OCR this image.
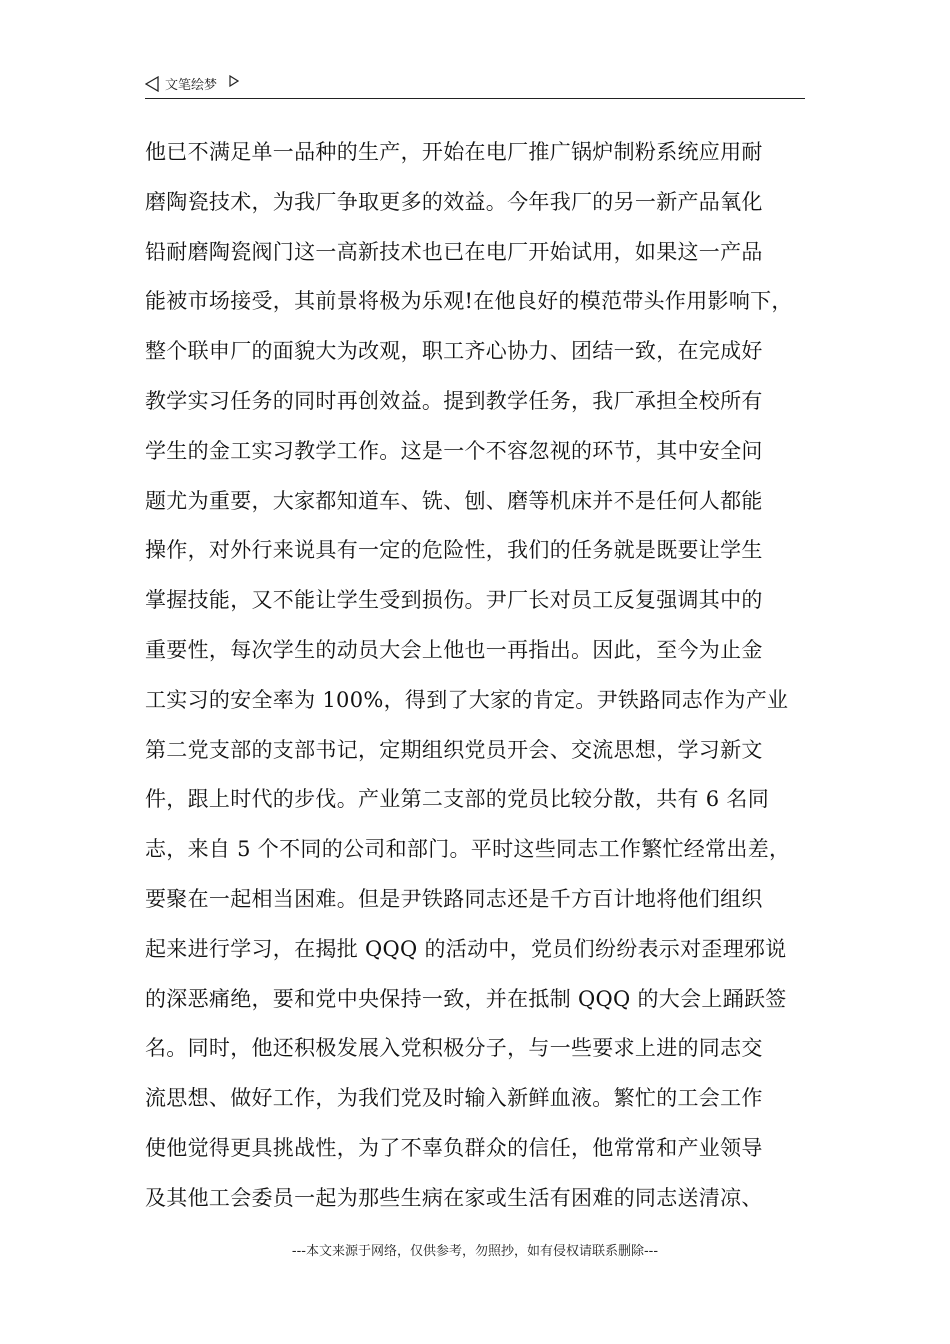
文笔绘梦
他已不满足单一品种的生产，开始在电厂推广锅炉制粉系统应用耐
磨陶瓷技术，为我厂争取更多的效益。今年我厂的另一新产品氧化
铅耐磨陶瓷阀门这一高新技术也已在电厂开始试用，如果这一产品
能被市场接受，其前景将极为乐观!在他良好的模范带头作用影响下，
整个联申厂的面貌大为改观，职工齐心协力、团结一致，在完成好
教学实习任务的同时再创效益。提到教学任务，我厂承担全校所有
学生的金工实习教学工作。这是一个不容忽视的环节，其中安全问
题尤为重要，大家都知道车、铣、刨、磨等机床并不是任何人都能
操作，对外行来说具有一定的危险性，我们的任务就是既要让学生
掌握技能，又不能让学生受到损伤。尹厂长对员工反复强调其中的
重要性，每次学生的动员大会上他也一再指出。因此，至今为止金
工实习的安全率为 100%，得到了大家的肯定。尹铁路同志作为产业
第二党支部的支部书记，定期组织党员开会、交流思想，学习新文
件，跟上时代的步伐。产业第二支部的党员比较分散，共有 6 名同
志，来自 5 个不同的公司和部门。平时这些同志工作繁忙经常出差，
要聚在一起相当困难。但是尹铁路同志还是千方百计地将他们组织
起来进行学习，在揭批 QQQ 的活动中，党员们纷纷表示对歪理邪说
的深恶痛绝，要和党中央保持一致，并在抵制 QQQ 的大会上踊跃签
名。同时，他还积极发展入党积极分子，与一些要求上进的同志交
流思想、做好工作，为我们党及时输入新鲜血液。繁忙的工会工作
使他觉得更具挑战性，为了不辜负群众的信任，他常常和产业领导
及其他工会委员一起为那些生病在家或生活有困难的同志送清凉、
---本文来源于网络，仅供参考，勿照抄，如有侵权请联系删除---
